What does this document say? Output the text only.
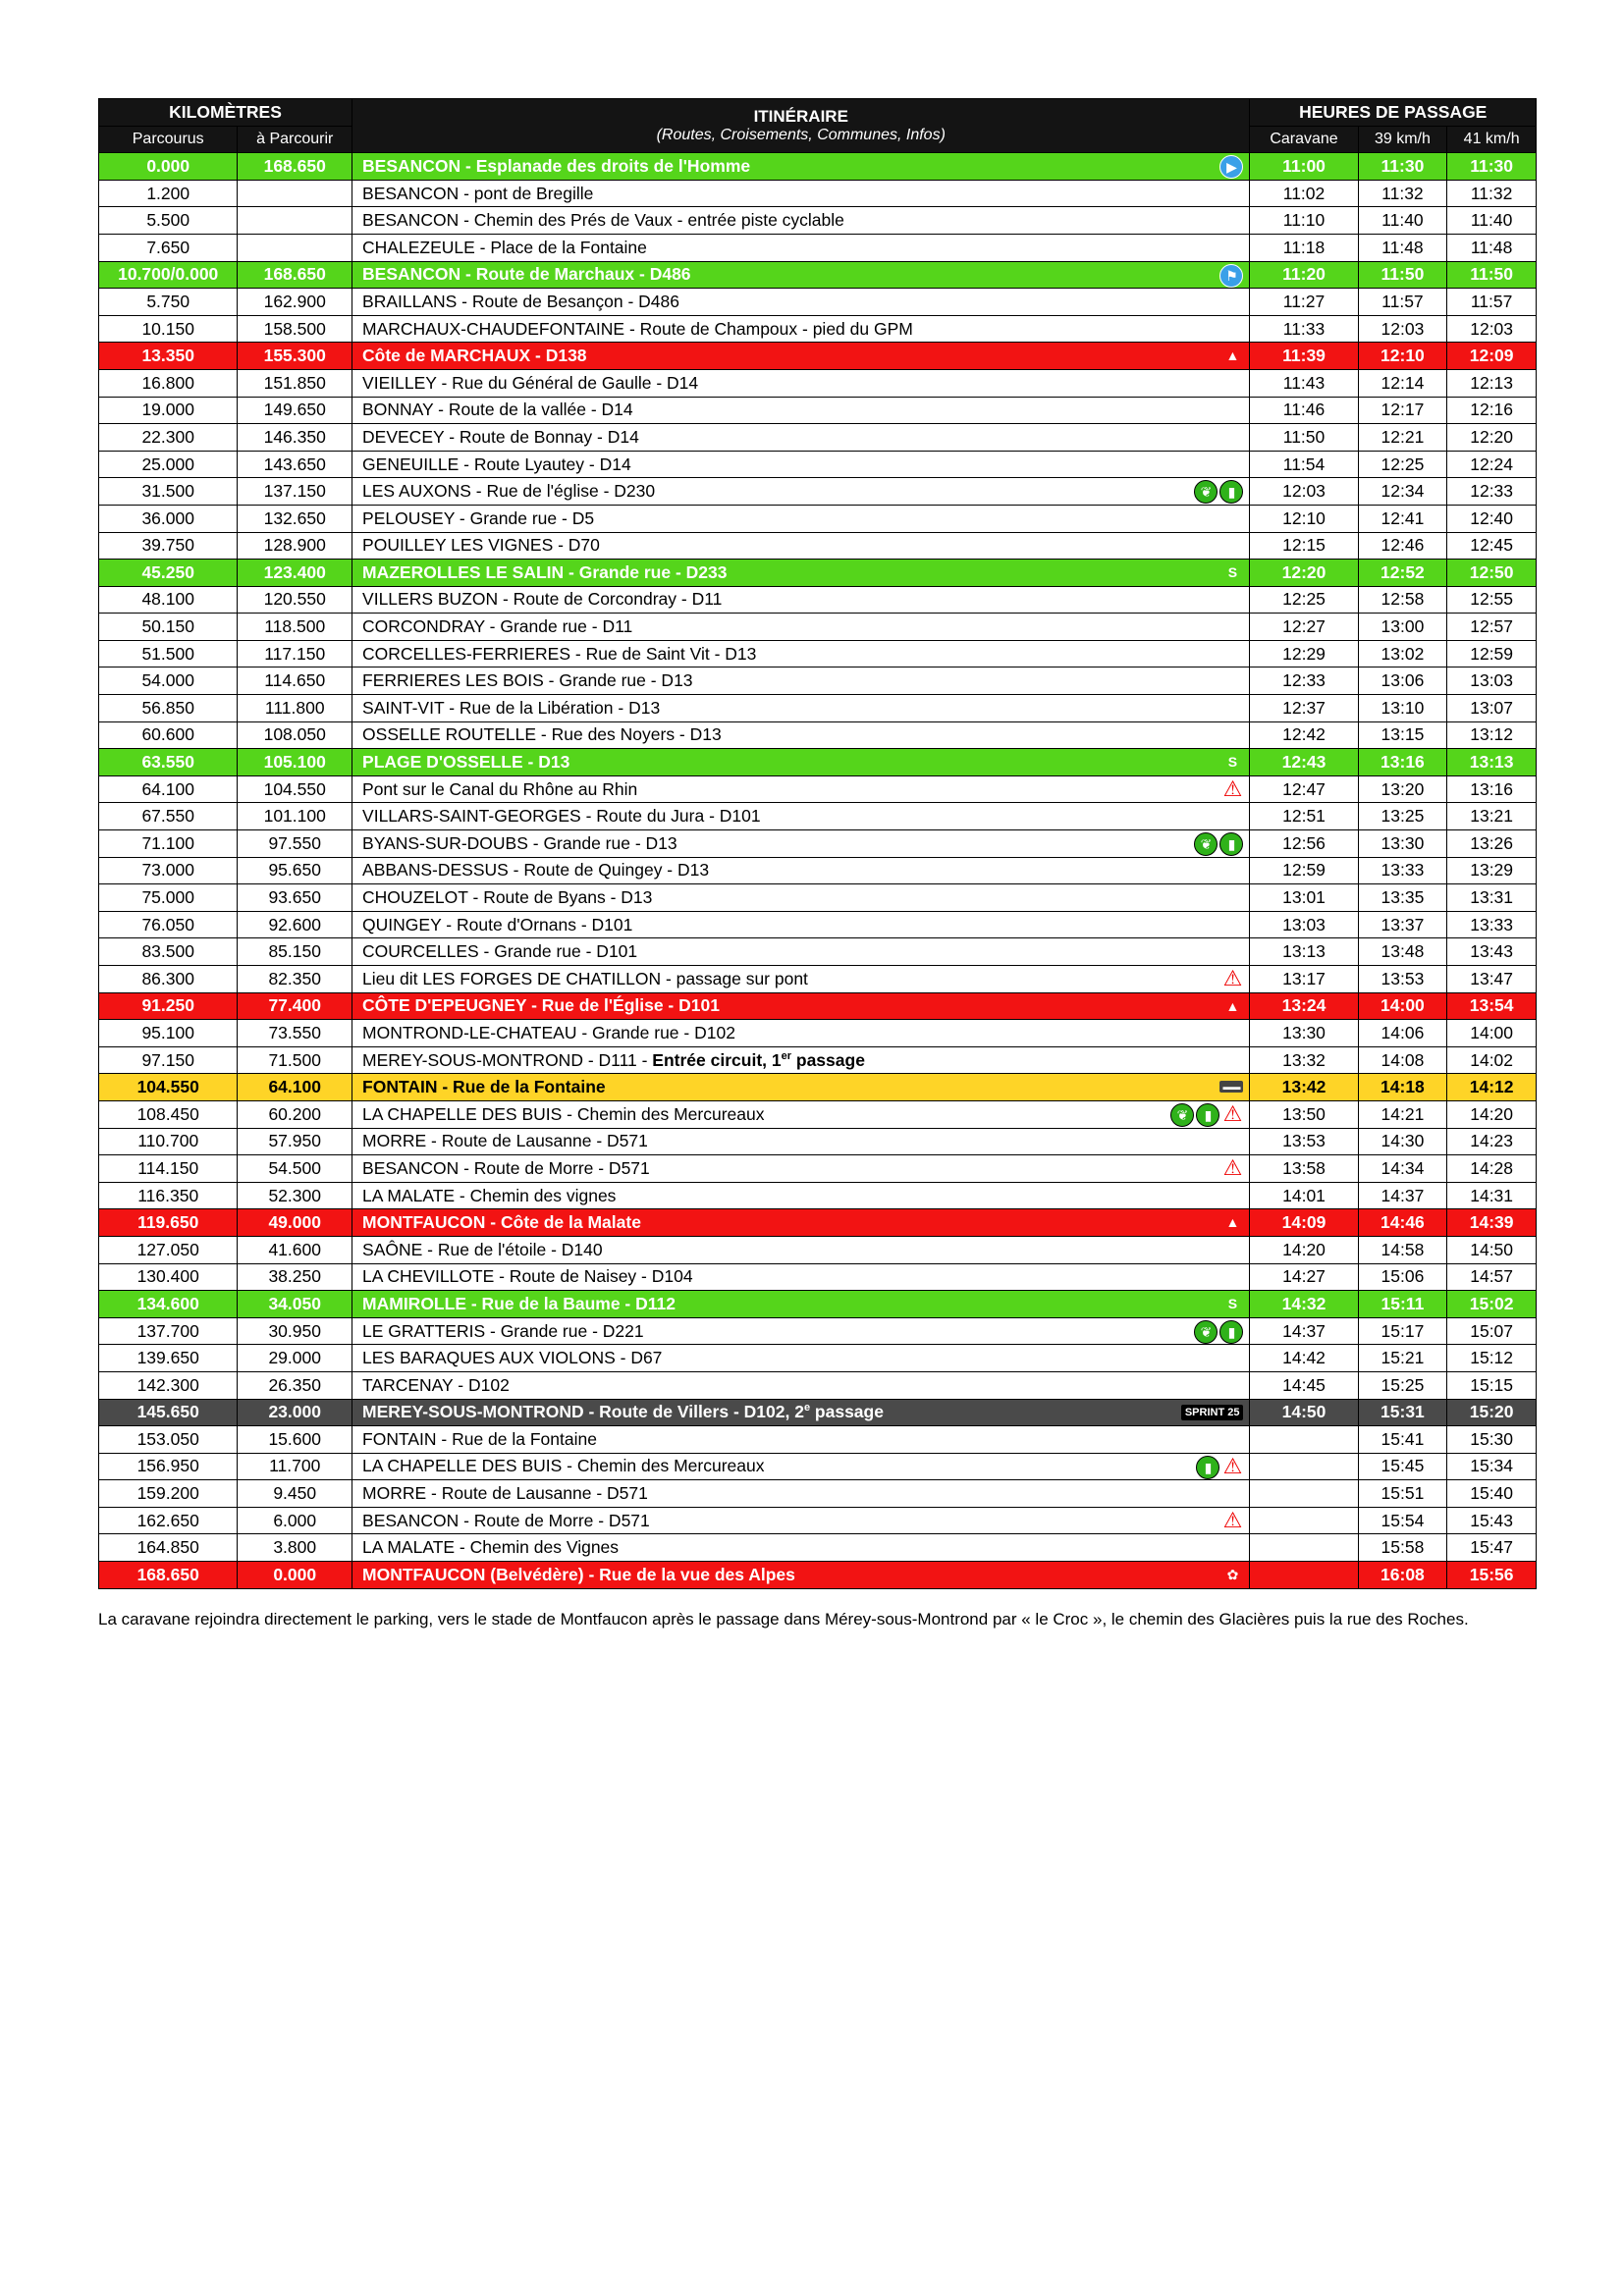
KILOMÈTRES		ITINÉRAIRE
(Routes, Croisements, Communes, Infos)	HEURES DE PASSAGE		
Parcourus	à Parcourir		Caravane	39 km/h	41 km/h
0.000	168.650	BESANCON - Esplanade des droits de l'Homme ▶	11:00	11:30	11:30
1.200		BESANCON - pont de Bregille	11:02	11:32	11:32
5.500		BESANCON - Chemin des Prés de Vaux - entrée piste cyclable	11:10	11:40	11:40
7.650		CHALEZEULE - Place de la Fontaine	11:18	11:48	11:48
10.700/0.000	168.650	BESANCON - Route de Marchaux - D486 ⚑	11:20	11:50	11:50
5.750	162.900	BRAILLANS - Route de Besançon - D486	11:27	11:57	11:57
10.150	158.500	MARCHAUX-CHAUDEFONTAINE - Route de Champoux - pied du GPM	11:33	12:03	12:03
13.350	155.300	Côte de MARCHAUX - D138 ▲	11:39	12:10	12:09
16.800	151.850	VIEILLEY - Rue du Général de Gaulle - D14	11:43	12:14	12:13
19.000	149.650	BONNAY - Route de la vallée - D14	11:46	12:17	12:16
22.300	146.350	DEVECEY - Route de Bonnay - D14	11:50	12:21	12:20
25.000	143.650	GENEUILLE - Route Lyautey - D14	11:54	12:25	12:24
31.500	137.150	LES AUXONS - Rue de l'église - D230 ❦ ▮	12:03	12:34	12:33
36.000	132.650	PELOUSEY - Grande rue - D5	12:10	12:41	12:40
39.750	128.900	POUILLEY LES VIGNES - D70	12:15	12:46	12:45
45.250	123.400	MAZEROLLES LE SALIN - Grande rue - D233 S	12:20	12:52	12:50
48.100	120.550	VILLERS BUZON - Route de Corcondray - D11	12:25	12:58	12:55
50.150	118.500	CORCONDRAY - Grande rue - D11	12:27	13:00	12:57
51.500	117.150	CORCELLES-FERRIERES - Rue de Saint Vit - D13	12:29	13:02	12:59
54.000	114.650	FERRIERES LES BOIS - Grande rue - D13	12:33	13:06	13:03
56.850	111.800	SAINT-VIT - Rue de la Libération - D13	12:37	13:10	13:07
60.600	108.050	OSSELLE ROUTELLE - Rue des Noyers - D13	12:42	13:15	13:12
63.550	105.100	PLAGE D'OSSELLE - D13 S	12:43	13:16	13:13
64.100	104.550	Pont sur le Canal du Rhône au Rhin ⚠	12:47	13:20	13:16
67.550	101.100	VILLARS-SAINT-GEORGES - Route du Jura - D101	12:51	13:25	13:21
71.100	97.550	BYANS-SUR-DOUBS - Grande rue - D13 ❦ ▮	12:56	13:30	13:26
73.000	95.650	ABBANS-DESSUS - Route de Quingey - D13	12:59	13:33	13:29
75.000	93.650	CHOUZELOT - Route de Byans - D13	13:01	13:35	13:31
76.050	92.600	QUINGEY - Route d'Ornans - D101	13:03	13:37	13:33
83.500	85.150	COURCELLES - Grande rue - D101	13:13	13:48	13:43
86.300	82.350	Lieu dit LES FORGES DE CHATILLON - passage sur pont ⚠	13:17	13:53	13:47
91.250	77.400	CÔTE D'EPEUGNEY - Rue de l'Église - D101 ▲	13:24	14:00	13:54
95.100	73.550	MONTROND-LE-CHATEAU - Grande rue - D102	13:30	14:06	14:00
97.150	71.500	MEREY-SOUS-MONTROND - D111 - Entrée circuit, 1er passage	13:32	14:08	14:02
104.550	64.100	FONTAIN - Rue de la Fontaine ▬▬	13:42	14:18	14:12
108.450	60.200	LA CHAPELLE DES BUIS - Chemin des Mercureaux ❦ ▮ ⚠	13:50	14:21	14:20
110.700	57.950	MORRE - Route de Lausanne - D571	13:53	14:30	14:23
114.150	54.500	BESANCON - Route de Morre - D571 ⚠	13:58	14:34	14:28
116.350	52.300	LA MALATE - Chemin des vignes	14:01	14:37	14:31
119.650	49.000	MONTFAUCON - Côte de la Malate ▲	14:09	14:46	14:39
127.050	41.600	SAÔNE - Rue de l'étoile - D140	14:20	14:58	14:50
130.400	38.250	LA CHEVILLOTE - Route de Naisey - D104	14:27	15:06	14:57
134.600	34.050	MAMIROLLE - Rue de la Baume - D112 S	14:32	15:11	15:02
137.700	30.950	LE GRATTERIS - Grande rue - D221 ❦ ▮	14:37	15:17	15:07
139.650	29.000	LES BARAQUES AUX VIOLONS - D67	14:42	15:21	15:12
142.300	26.350	TARCENAY - D102	14:45	15:25	15:15
145.650	23.000	MEREY-SOUS-MONTROND - Route de Villers - D102, 2e passage SPRINT 25	14:50	15:31	15:20
153.050	15.600	FONTAIN - Rue de la Fontaine		15:41	15:30
156.950	11.700	LA CHAPELLE DES BUIS - Chemin des Mercureaux ▮ ⚠		15:45	15:34
159.200	9.450	MORRE - Route de Lausanne - D571		15:51	15:40
162.650	6.000	BESANCON - Route de Morre - D571 ⚠		15:54	15:43
164.850	3.800	LA MALATE - Chemin des Vignes		15:58	15:47
168.650	0.000	MONTFAUCON (Belvédère) - Rue de la vue des Alpes ✿		16:08	15:56
La caravane rejoindra directement le parking, vers le stade de Montfaucon après le passage dans Mérey-sous-Montrond par « le Croc », le chemin des Glacières puis la rue des Roches.
